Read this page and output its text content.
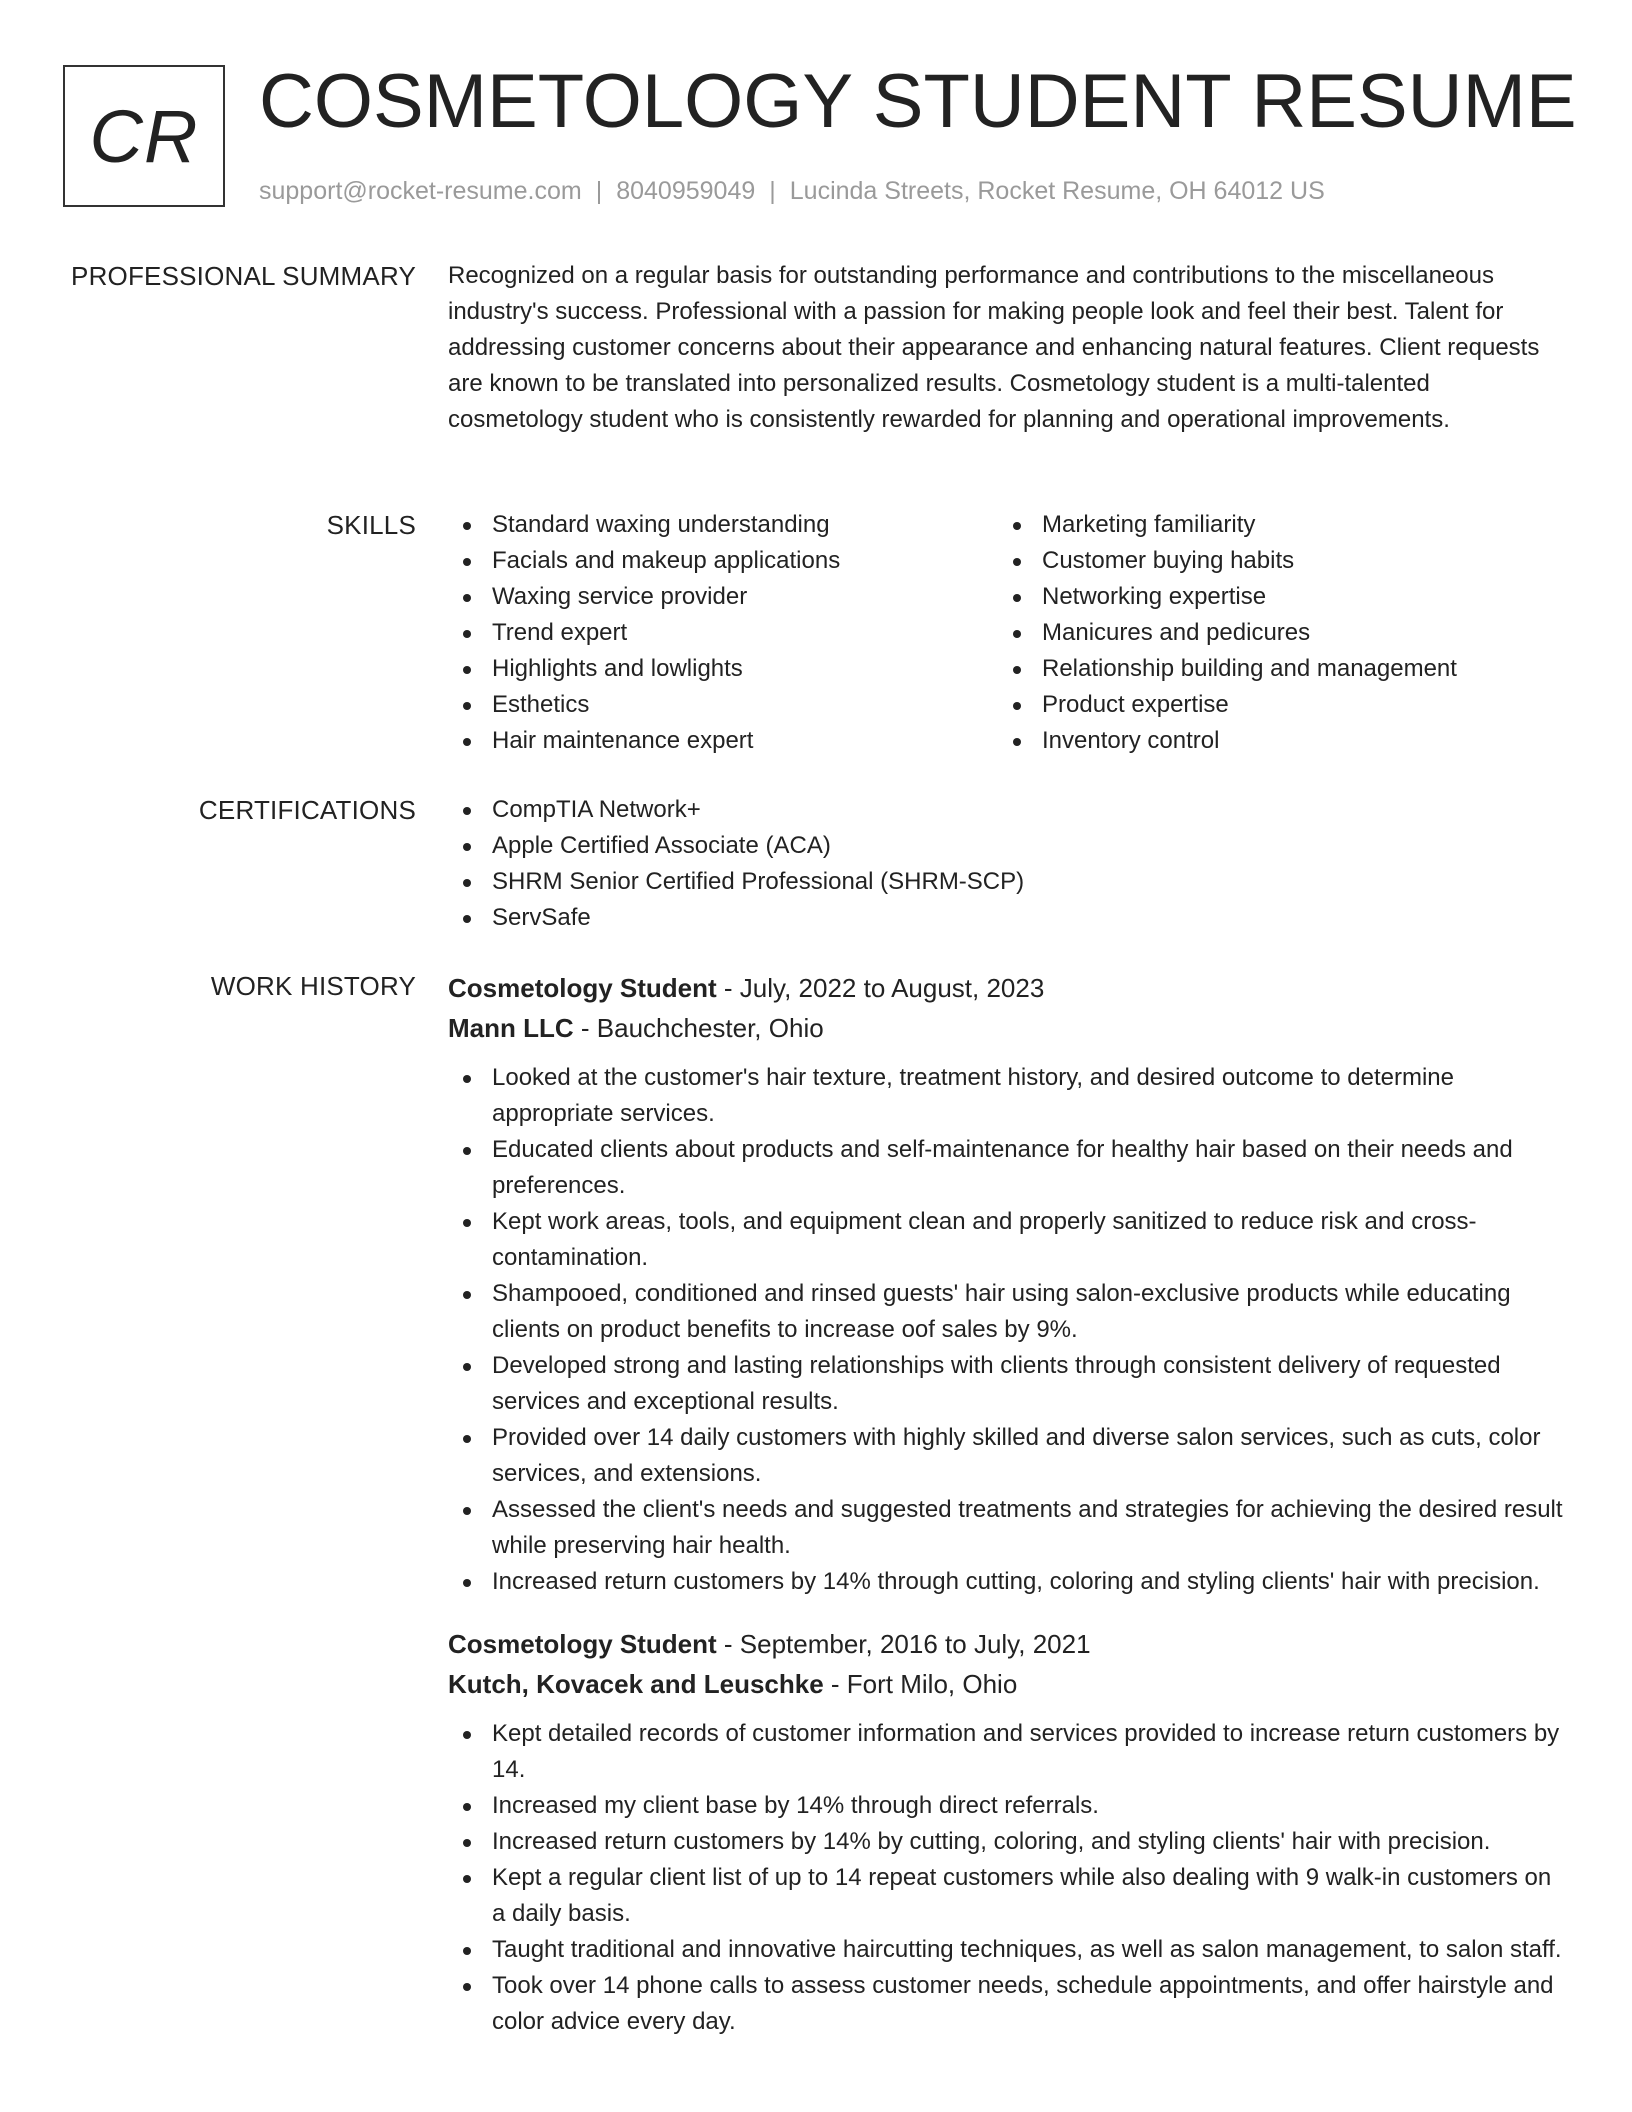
CR COSMETOLOGY STUDENT RESUME
support@rocket-resume.com | 8040959049 | Lucinda Streets, Rocket Resume, OH 64012 US
PROFESSIONAL SUMMARY Recognized on a regular basis for outstanding performance and contributions to the miscellaneous industry's success. Professional with a passion for making people look and feel their best. Talent for addressing customer concerns about their appearance and enhancing natural features. Client requests are known to be translated into personalized results. Cosmetology student is a multi-talented cosmetology student who is consistently rewarded for planning and operational improvements.

SKILLS	Standard waxing understanding
Facials and makeup applications
Waxing service provider
Trend expert
Highlights and lowlights
Esthetics
Hair maintenance expert
Marketing familiarity
Customer buying habits
Networking expertise
Manicures and pedicures
Relationship building and management
Product expertise
Inventory control
CERTIFICATIONS	CompTIA Network+
Apple Certified Associate (ACA)
SHRM Senior Certified Professional (SHRM-SCP)
ServSafe
WORK HISTORY Cosmetology Student - July, 2022 to August, 2023
Mann LLC - Bauchchester, Ohio
Looked at the customer's hair texture, treatment history, and desired outcome to determine appropriate services.
Educated clients about products and self-maintenance for healthy hair based on their needs and preferences.
Kept work areas, tools, and equipment clean and properly sanitized to reduce risk and cross-contamination.
Shampooed, conditioned and rinsed guests' hair using salon-exclusive products while educating clients on product benefits to increase oof sales by 9%.
Developed strong and lasting relationships with clients through consistent delivery of requested services and exceptional results.
Provided over 14 daily customers with highly skilled and diverse salon services, such as cuts, color services, and extensions.
Assessed the client's needs and suggested treatments and strategies for achieving the desired result while preserving hair health.
Increased return customers by 14% through cutting, coloring and styling clients' hair with precision.
Cosmetology Student - September, 2016 to July, 2021
Kutch, Kovacek and Leuschke - Fort Milo, Ohio
Kept detailed records of customer information and services provided to increase return customers by 14.
Increased my client base by 14% through direct referrals.
Increased return customers by 14% by cutting, coloring, and styling clients' hair with precision.
Kept a regular client list of up to 14 repeat customers while also dealing with 9 walk-in customers on a daily basis.
Taught traditional and innovative haircutting techniques, as well as salon management, to salon staff.
Took over 14 phone calls to assess customer needs, schedule appointments, and offer hairstyle and color advice every day.
